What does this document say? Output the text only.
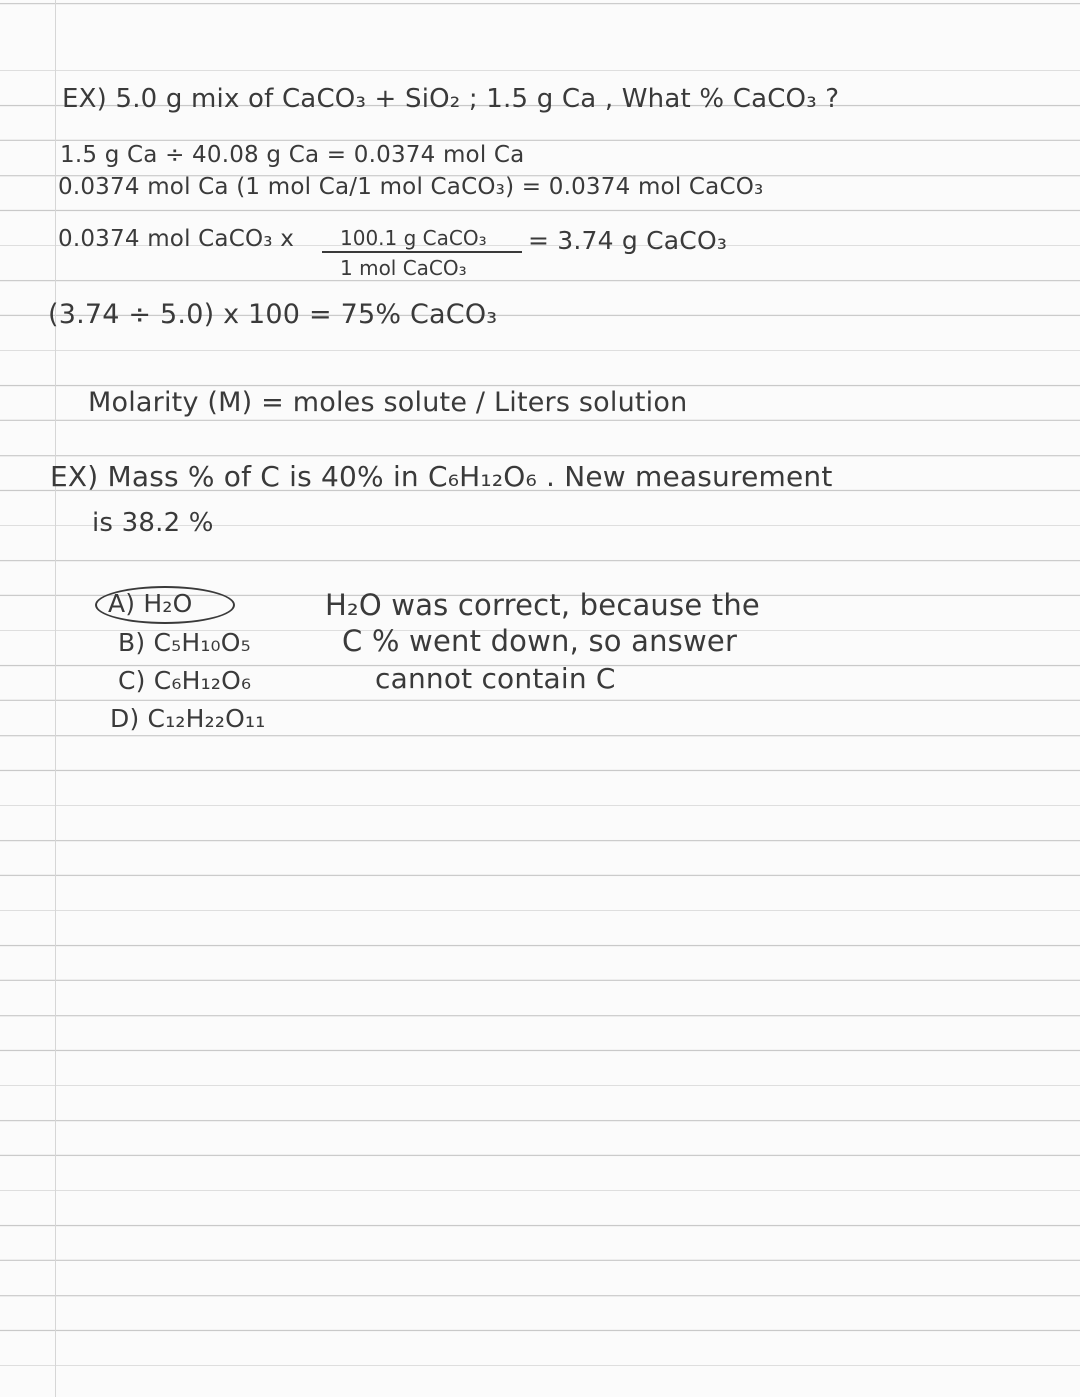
EX) 5.0 g mix of CaCO₃ + SiO₂ ; 1.5 g Ca , What % CaCO₃ ?
1.5 g Ca ÷ 40.08 g Ca = 0.0374 mol Ca
0.0374 mol Ca (1 mol Ca/1 mol CaCO₃) = 0.0374 mol CaCO₃
0.0374 mol CaCO₃ x 100.1 g CaCO₃
1 mol CaCO₃
= 3.74 g CaCO₃
(3.74 ÷ 5.0) x 100 = 75% CaCO₃
Molarity (M) = moles solute / Liters solution
EX) Mass % of C is 40% in C₆H₁₂O₆ . New measurement
is 38.2 %
A) H₂O
B) C₅H₁₀O₅
C) C₆H₁₂O₆
D) C₁₂H₂₂O₁₁
H₂O was correct, because the
C % went down, so answer
cannot contain C
